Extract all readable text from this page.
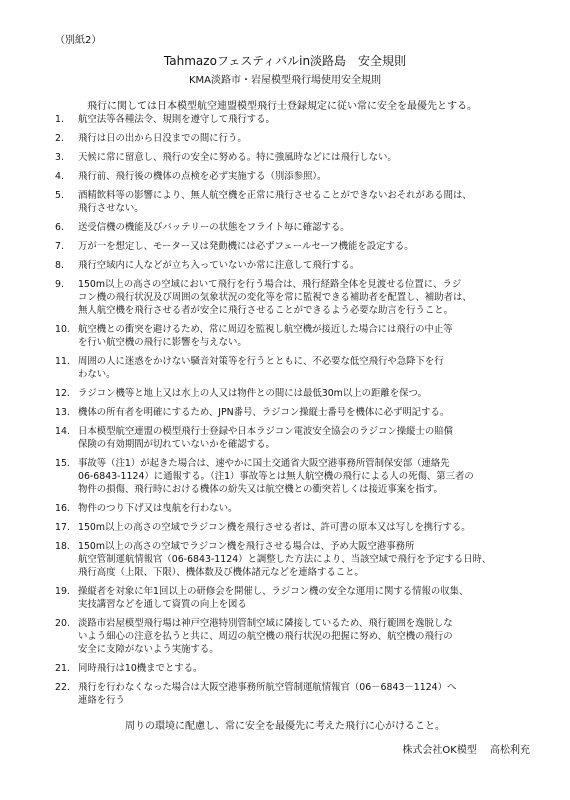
（別紙2）
Tahmazoフェスティバルin淡路島　安全規則
KMA淡路市・岩屋模型飛行場使用安全規則
飛行に関しては日本模型航空連盟模型飛行士登録規定に従い常に安全を最優先とする。
1.	航空法等各種法令、規則を遵守して飛行する。
2.	飛行は日の出から日没までの間に行う。
3.	天候に常に留意し、飛行の安全に努める。特に強風時などには飛行しない。
4.	飛行前、飛行後の機体の点検を必ず実施する（別添参照）。
5.	酒精飲料等の影響により、無人航空機を正常に飛行させることができないおそれがある間は、
飛行させない。
6.	送受信機の機能及びバッテリーの状態をフライト毎に確認する。
7.	万が一を想定し、モーター又は発動機には必ずフェールセーフ機能を設定する。
8.	飛行空域内に人などが立ち入っていないか常に注意して飛行する。
9.	150m以上の高さの空域において飛行を行う場合は、飛行経路全体を見渡せる位置に、ラジ
コン機の飛行状況及び周囲の気象状況の変化等を常に監視できる補助者を配置し、補助者は、
無人航空機を飛行させる者が安全に飛行させることができるよう必要な助言を行うこと。
10. 航空機との衝突を避けるため、常に周辺を監視し航空機が接近した場合には飛行の中止等
を行い航空機の飛行に影響を与えない。
11. 周囲の人に迷惑をかけない騒音対策等を行うとともに、不必要な低空飛行や急降下を行
わない。
12. ラジコン機等と地上又は水上の人又は物件との間には最低30m以上の距離を保つ。
13. 機体の所有者を明確にするため、JPN番号、ラジコン操縦士番号を機体に必ず明記する。
14. 日本模型航空連盟の模型飛行士登録や日本ラジコン電波安全協会のラジコン操縦士の賠償
保険の有効期間が切れていないかを確認する。
15. 事故等（注1）が起きた場合は、速やかに国土交通省大阪空港事務所管制保安部（連絡先
06-6843-1124）に通報する。（注1）事故等とは無人航空機の飛行による人の死傷、第三者の
物件の損傷、飛行時における機体の紛失又は航空機との衝突若しくは接近事案を指す。
16. 物件のつり下げ又は曳航を行わない。
17. 150m以上の高さの空域でラジコン機を飛行させる者は、許可書の原本又は写しを携行する。
18. 150m以上の高さの空域でラジコン機を飛行させる場合は、予め大阪空港事務所
航空管制運航情報官（06-6843-1124）と調整した方法により、当該空域で飛行を予定する日時、
飛行高度（上限、下限）、機体数及び機体諸元などを連絡すること。
19. 操縦者を対象に年1回以上の研修会を開催し、ラジコン機の安全な運用に関する情報の収集、
実技講習などを通して資質の向上を図る
20. 淡路市岩屋模型飛行場は神戸空港特別管制空域に隣接しているため、飛行範囲を逸脱しな
いよう細心の注意を払うと共に、周辺の航空機の飛行状況の把握に努め、航空機の飛行の
安全に支障がないよう実施する。
21. 同時飛行は10機までとする。
22. 飛行を行わなくなった場合は大阪空港事務所航空管制運航情報官（06－6843－1124）へ
連絡を行う
周りの環境に配慮し、常に安全を最優先に考えた飛行に心がけること。
株式会社OK模型　 高松利充
